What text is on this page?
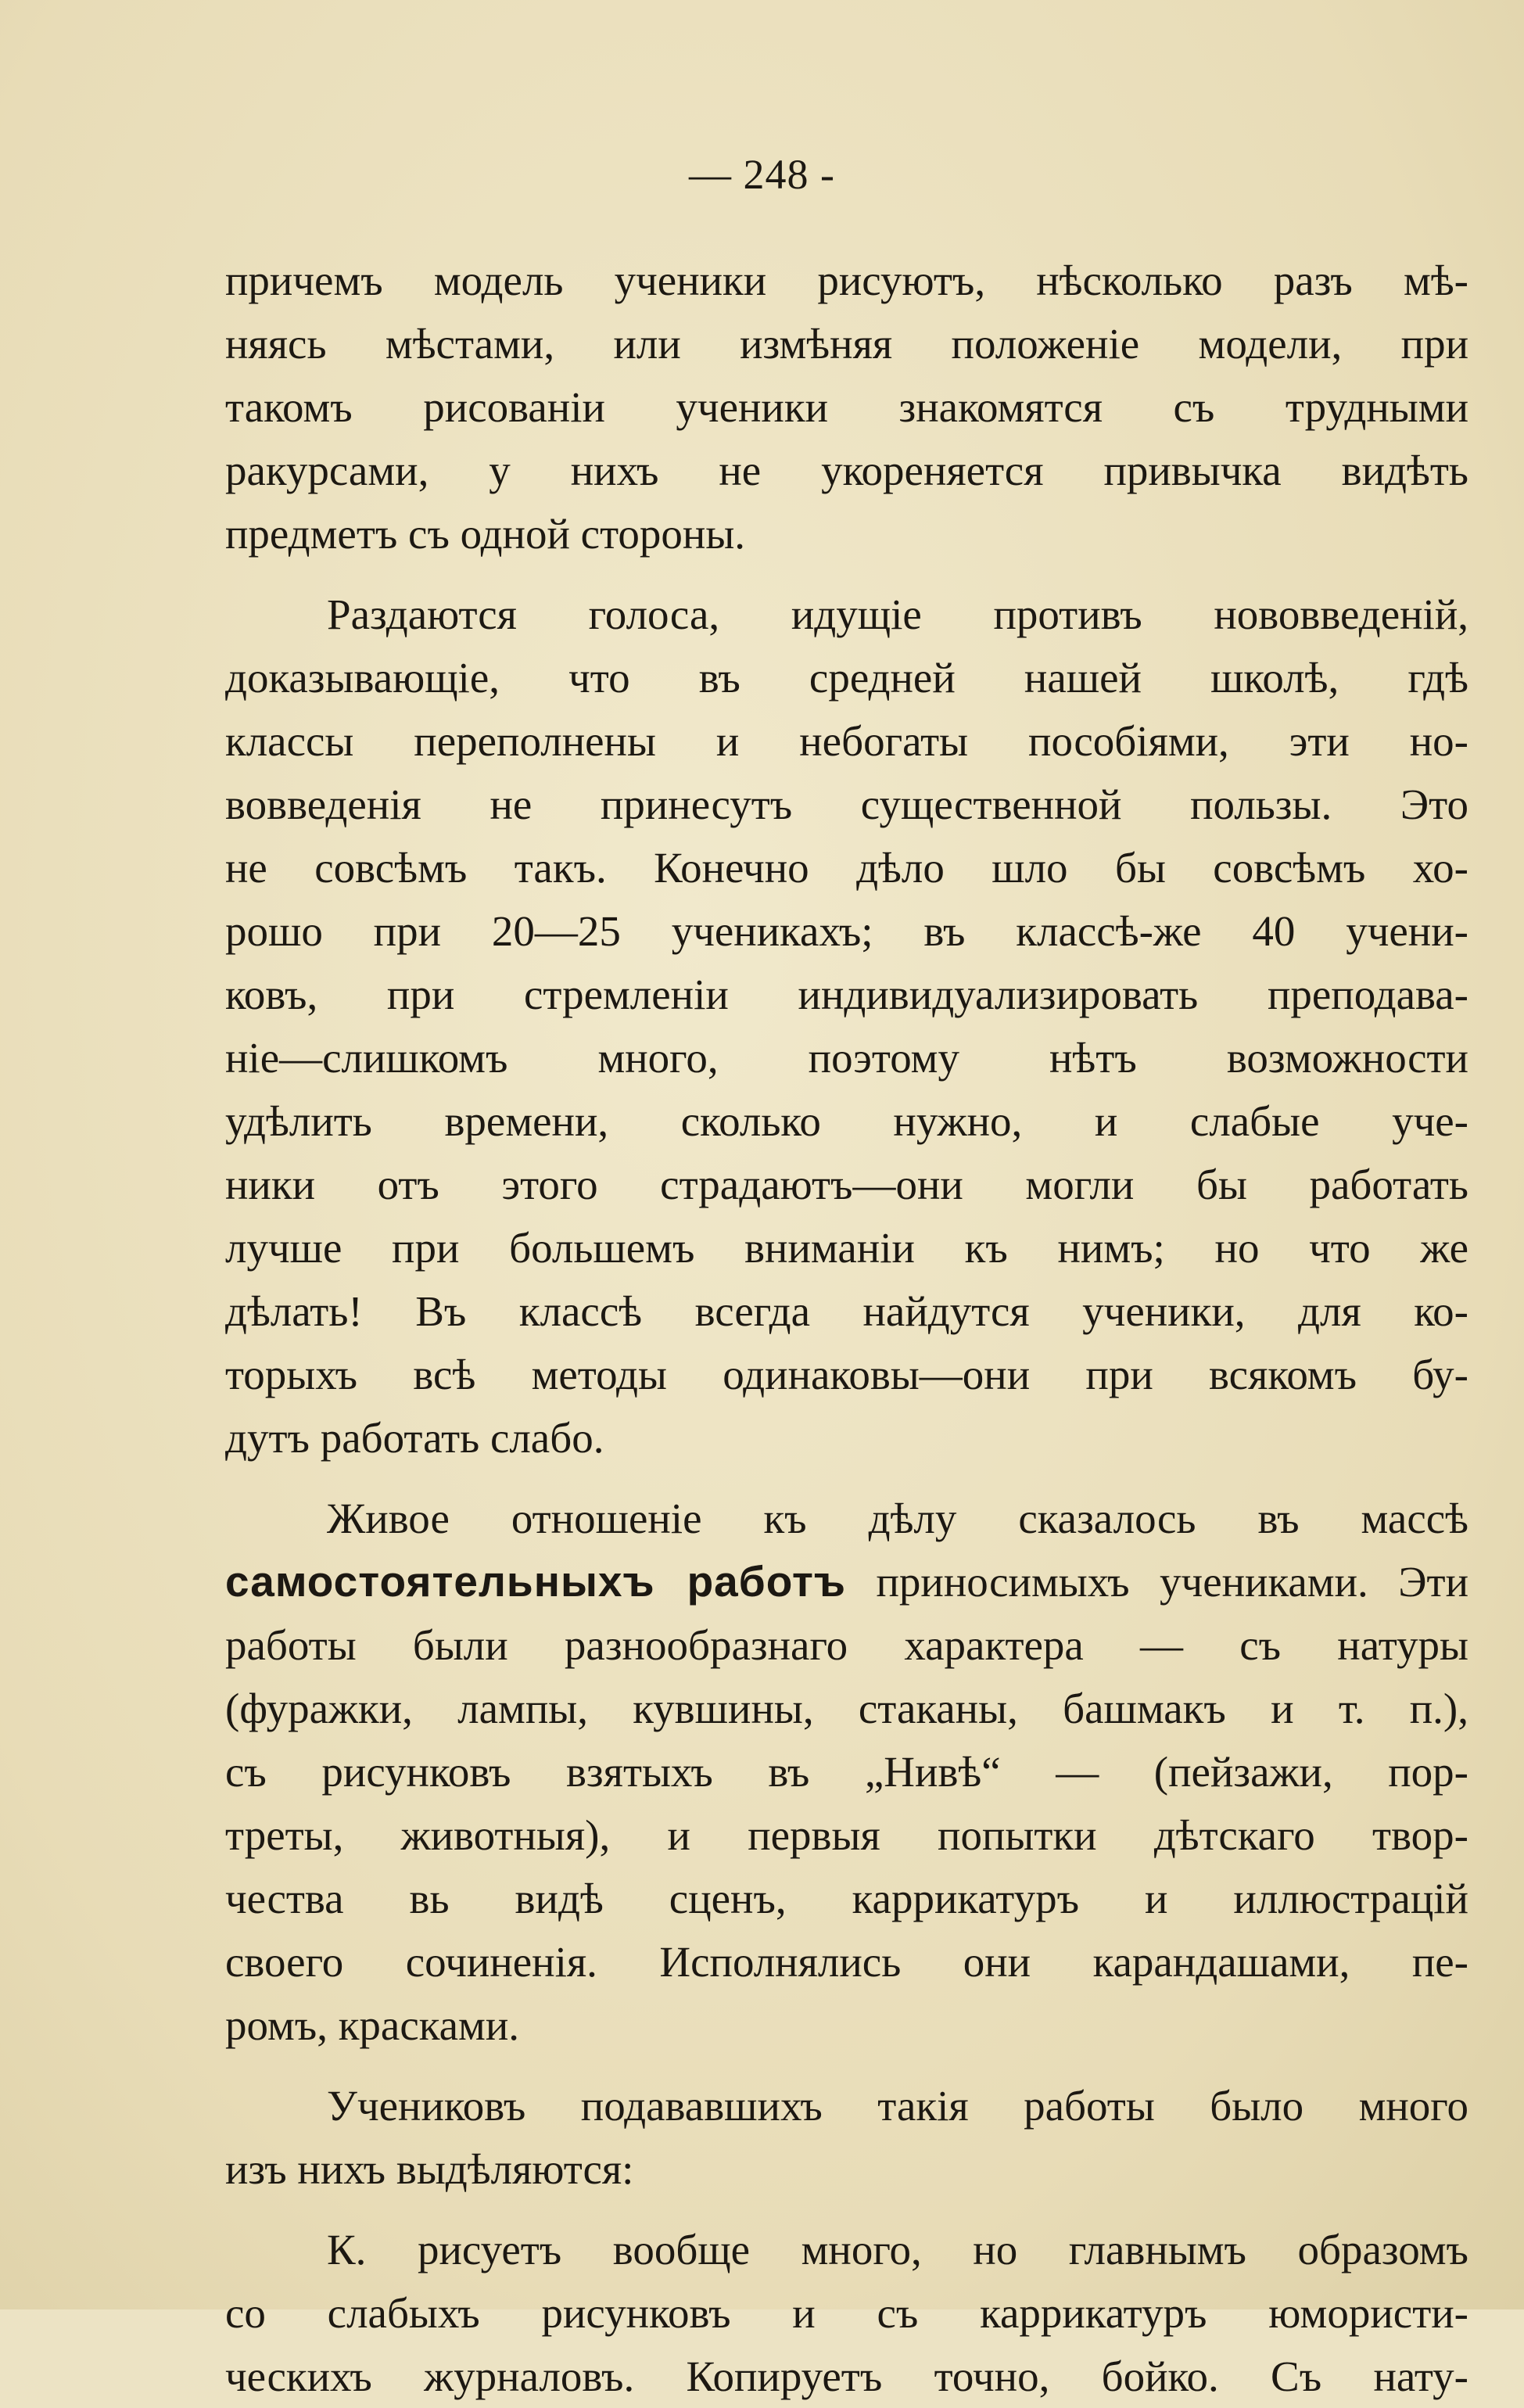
— 248 -
причемъ модель ученики рисуютъ, нѣсколько разъ мѣ-
няясь мѣстами, или измѣняя положеніе модели, при
такомъ рисованіи ученики знакомятся съ трудными
ракурсами, у нихъ не укореняется привычка видѣть
предметъ съ одной стороны.
Раздаются голоса, идущіе противъ нововведеній,
доказывающіе, что въ средней нашей школѣ, гдѣ
классы переполнены и небогаты пособіями, эти но-
вовведенія не принесутъ существенной пользы. Это
не совсѣмъ такъ. Конечно дѣло шло бы совсѣмъ хо-
рошо при 20—25 ученикахъ; въ классѣ-же 40 учени-
ковъ, при стремленіи индивидуализировать преподава-
ніе—слишкомъ много, поэтому нѣтъ возможности
удѣлить времени, сколько нужно, и слабые уче-
ники отъ этого страдаютъ—они могли бы работать
лучше при большемъ вниманіи къ нимъ; но что же
дѣлать! Въ классѣ всегда найдутся ученики, для ко-
торыхъ всѣ методы одинаковы—они при всякомъ бу-
дутъ работать слабо.
Живое отношеніе къ дѣлу сказалось въ массѣ
самостоятельныхъ работъ приносимыхъ учениками. Эти
работы были разнообразнаго характера — съ натуры
(фуражки, лампы, кувшины, стаканы, башмакъ и т. п.),
съ рисунковъ взятыхъ въ „Нивѣ“ — (пейзажи, пор-
треты, животныя), и первыя попытки дѣтскаго твор-
чества вь видѣ сценъ, каррикатуръ и иллюстрацій
своего сочиненія. Исполнялись они карандашами, пе-
ромъ, красками.
Учениковъ подававшихъ такія работы было много
изъ нихъ выдѣляются:
К. рисуетъ вообще много, но главнымъ образомъ
со слабыхъ рисунковъ и съ каррикатуръ юмористи-
ческихъ журналовъ. Копируетъ точно, бойко. Съ нату-
